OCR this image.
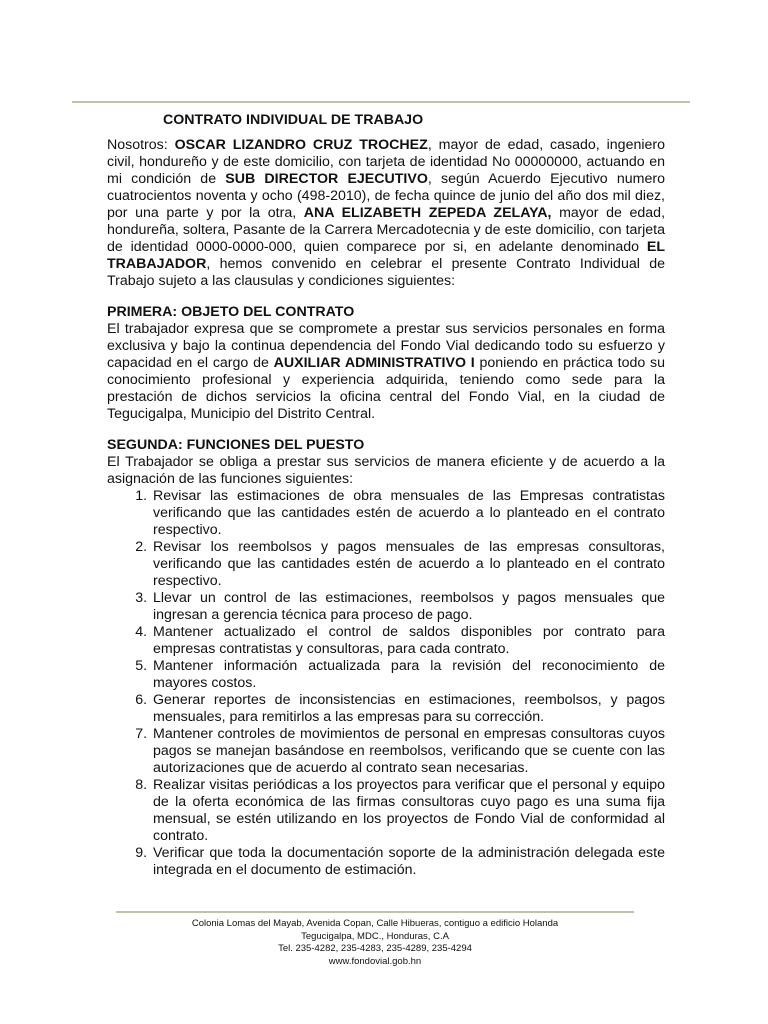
CONTRATO INDIVIDUAL DE TRABAJO

Nosotros: OSCAR LIZANDRO CRUZ TROCHEZ, mayor de edad, casado, ingeniero civil, hondureño y de este domicilio, con tarjeta de identidad No 00000000, actuando en mi condición de SUB DIRECTOR EJECUTIVO, según Acuerdo Ejecutivo numero cuatrocientos noventa y ocho (498-2010), de fecha quince de junio del año dos mil diez, por una parte y por la otra, ANA ELIZABETH ZEPEDA ZELAYA, mayor de edad, hondureña, soltera, Pasante de la Carrera Mercadotecnia y de este domicilio, con tarjeta de identidad 0000-0000-000, quien comparece por si, en adelante denominado EL TRABAJADOR, hemos convenido en celebrar el presente Contrato Individual de Trabajo sujeto a las clausulas y condiciones siguientes:

PRIMERA: OBJETO DEL CONTRATO

El trabajador expresa que se compromete a prestar sus servicios personales en forma exclusiva y bajo la continua dependencia del Fondo Vial dedicando todo su esfuerzo y capacidad en el cargo de AUXILIAR ADMINISTRATIVO I poniendo en práctica todo su conocimiento profesional y experiencia adquirida, teniendo como sede para la prestación de dichos servicios la oficina central del Fondo Vial, en la ciudad de Tegucigalpa, Municipio del Distrito Central.

SEGUNDA: FUNCIONES DEL PUESTO

El Trabajador se obliga a prestar sus servicios de manera eficiente y de acuerdo a la asignación de las funciones siguientes:

1. Revisar las estimaciones de obra mensuales de las Empresas contratistas verificando que las cantidades estén de acuerdo a lo planteado en el contrato respectivo.
2. Revisar los reembolsos y pagos mensuales de las empresas consultoras, verificando que las cantidades estén de acuerdo a lo planteado en el contrato respectivo.
3. Llevar un control de las estimaciones, reembolsos y pagos mensuales que ingresan a gerencia técnica para proceso de pago.
4. Mantener actualizado el control de saldos disponibles por contrato para empresas contratistas y consultoras, para cada contrato.
5. Mantener información actualizada para la revisión del reconocimiento de mayores costos.
6. Generar reportes de inconsistencias en estimaciones, reembolsos, y pagos mensuales, para remitirlos a las empresas para su corrección.
7. Mantener controles de movimientos de personal en empresas consultoras cuyos pagos se manejan basándose en reembolsos, verificando que se cuente con las autorizaciones que de acuerdo al contrato sean necesarias.
8. Realizar visitas periódicas a los proyectos para verificar que el personal y equipo de la oferta económica de las firmas consultoras cuyo pago es una suma fija mensual, se estén utilizando en los proyectos de Fondo Vial de conformidad al contrato.
9. Verificar que toda la documentación soporte de la administración delegada este integrada en el documento de estimación.
Colonia Lomas del Mayab, Avenida Copan, Calle Hibueras, contiguo a edificio Holanda
Tegucigalpa, MDC., Honduras, C.A
Tel. 235-4282, 235-4283, 235-4289, 235-4294
www.fondovial.gob.hn
